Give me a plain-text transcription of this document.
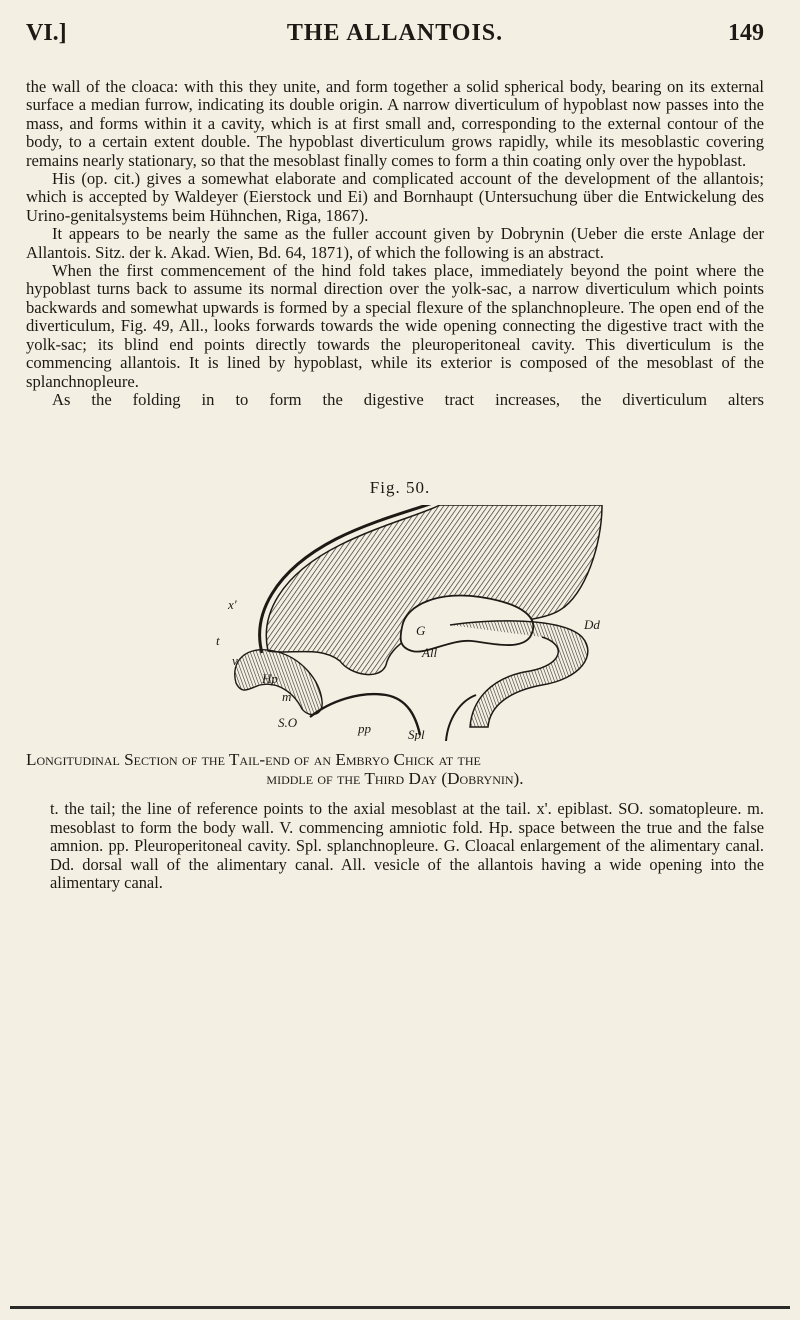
VI.]	THE ALLANTOIS.	149

the wall of the cloaca: with this they unite, and form together a solid spherical body, bearing on its external surface a median furrow, indicating its double origin. A narrow diverticulum of hypoblast now passes into the mass, and forms within it a cavity, which is at first small and, corresponding to the external contour of the body, to a certain extent double. The hypoblast diverticulum grows rapidly, while its mesoblastic covering remains nearly stationary, so that the mesoblast finally comes to form a thin coating only over the hypoblast.

His (op. cit.) gives a somewhat elaborate and complicated account of the development of the allantois; which is accepted by Waldeyer (Eierstock und Ei) and Bornhaupt (Untersuchung über die Entwickelung des Urino-genitalsystems beim Hühnchen, Riga, 1867).

It appears to be nearly the same as the fuller account given by Dobrynin (Ueber die erste Anlage der Allantois. Sitz. der k. Akad. Wien, Bd. 64, 1871), of which the following is an abstract.

When the first commencement of the hind fold takes place, immediately beyond the point where the hypoblast turns back to assume its normal direction over the yolk-sac, a narrow diverticulum which points backwards and somewhat upwards is formed by a special flexure of the splanchnopleure. The open end of the diverticulum, Fig. 49, All., looks forwards towards the wide opening connecting the digestive tract with the yolk-sac; its blind end points directly towards the pleuroperitoneal cavity. This diverticulum is the commencing allantois. It is lined by hypoblast, while its exterior is composed of the mesoblast of the splanchnopleure.

As the folding in to form the digestive tract increases, the diverticulum alters

Fig. 50.
x'
t
v
G	Dd
All
Hp
m
S.O	pp	Spl
Longitudinal Section of the Tail-end of an Embryo Chick at the
middle of the Third Day (Dobrynin).
t. the tail; the line of reference points to the axial mesoblast at the tail. x'. epiblast. SO. somatopleure. m. mesoblast to form the body wall. V. commencing amniotic fold. Hp. space between the true and the false amnion. pp. Pleuroperitoneal cavity. Spl. splanchnopleure. G. Cloacal enlargement of the alimentary canal. Dd. dorsal wall of the alimentary canal. All. vesicle of the allantois having a wide opening into the alimentary canal.
